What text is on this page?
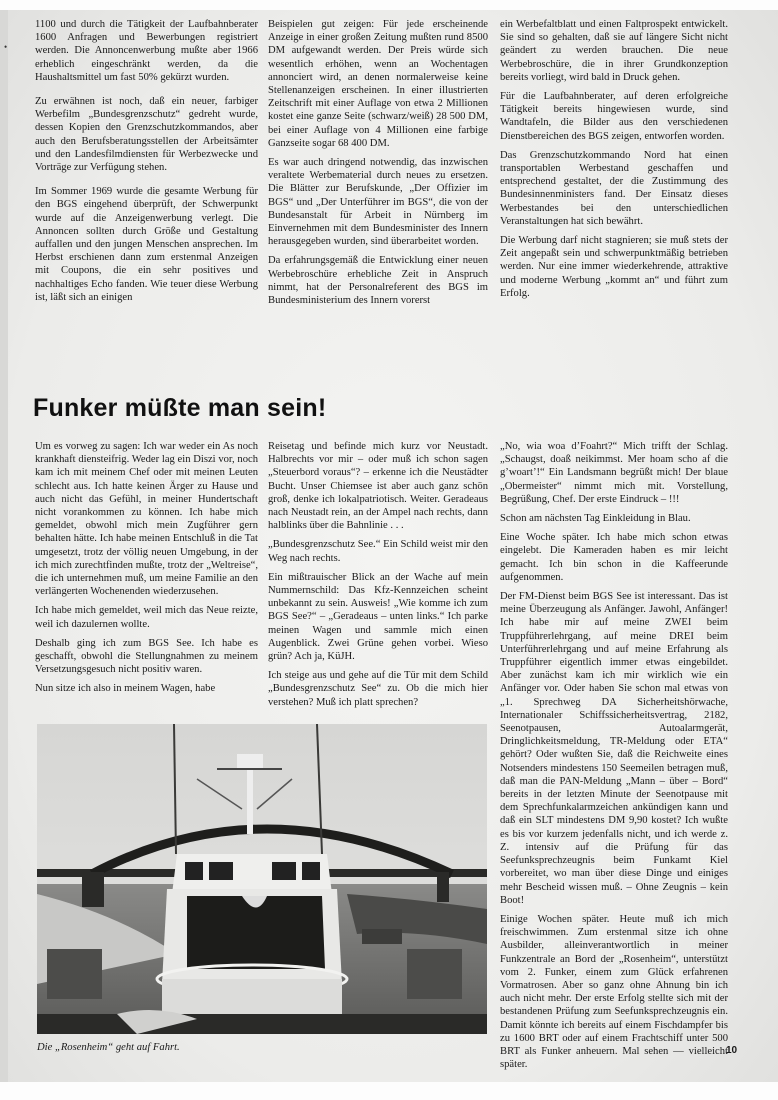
•

1100 und durch die Tätigkeit der Laufbahnberater 1600 Anfragen und Bewerbungen registriert werden. Die Annoncenwerbung mußte aber 1966 erheblich eingeschränkt werden, da die Haushaltsmittel um fast 50% gekürzt wurden.

Zu erwähnen ist noch, daß ein neuer, farbiger Werbefilm „Bundesgrenzschutz“ gedreht wurde, dessen Kopien den Grenzschutzkommandos, aber auch den Berufsberatungsstellen der Arbeitsämter und den Landesfilmdiensten für Werbezwecke und Vorträge zur Verfügung stehen.

Im Sommer 1969 wurde die gesamte Werbung für den BGS eingehend überprüft, der Schwerpunkt wurde auf die Anzeigenwerbung verlegt. Die Annoncen sollten durch Größe und Gestaltung auffallen und den jungen Menschen ansprechen. Im Herbst erschienen dann zum erstenmal Anzeigen mit Coupons, die ein sehr positives und nachhaltiges Echo fanden. Wie teuer diese Werbung ist, läßt sich an einigen

Beispielen gut zeigen: Für jede erscheinende Anzeige in einer großen Zeitung mußten rund 8500 DM aufgewandt werden. Der Preis würde sich wesentlich erhöhen, wenn an Wochentagen annonciert wird, an denen normalerweise keine Stellenanzeigen erscheinen. In einer illustrierten Zeitschrift mit einer Auflage von etwa 2 Millionen kostet eine ganze Seite (schwarz/weiß) 28 500 DM, bei einer Auflage von 4 Millionen eine farbige Ganzseite sogar 68 400 DM.

Es war auch dringend notwendig, das inzwischen veraltete Werbematerial durch neues zu ersetzen. Die Blätter zur Berufskunde, „Der Offizier im BGS“ und „Der Unterführer im BGS“, die von der Bundesanstalt für Arbeit in Nürnberg im Einvernehmen mit dem Bundesminister des Innern herausgegeben wurden, sind überarbeitet worden.

Da erfahrungsgemäß die Entwicklung einer neuen Werbebroschüre erhebliche Zeit in Anspruch nimmt, hat der Personalreferent des BGS im Bundesministerium des Innern vorerst

ein Werbefaltblatt und einen Faltprospekt entwickelt. Sie sind so gehalten, daß sie auf längere Sicht nicht geändert zu werden brauchen. Die neue Werbebroschüre, die in ihrer Grundkonzeption bereits vorliegt, wird bald in Druck gehen.

Für die Laufbahnberater, auf deren erfolgreiche Tätigkeit bereits hingewiesen wurde, sind Wandtafeln, die Bilder aus den verschiedenen Dienstbereichen des BGS zeigen, entworfen worden.

Das Grenzschutzkommando Nord hat einen transportablen Werbestand geschaffen und entsprechend gestaltet, der die Zustimmung des Bundesinnenministers fand. Der Einsatz dieses Werbestandes bei den unterschiedlichen Veranstaltungen hat sich bewährt.

Die Werbung darf nicht stagnieren; sie muß stets der Zeit angepaßt sein und schwerpunktmäßig betrieben werden. Nur eine immer wiederkehrende, attraktive und moderne Werbung „kommt an“ und führt zum Erfolg.

Funker müßte man sein!

Um es vorweg zu sagen: Ich war weder ein As noch krankhaft diensteifrig. Weder lag ein Diszi vor, noch kam ich mit meinem Chef oder mit meinen Leuten schlecht aus. Ich hatte keinen Ärger zu Hause und auch nicht das Gefühl, in meiner Hundertschaft nicht vorankommen zu können. Ich habe mich gemeldet, obwohl mich mein Zugführer gern behalten hätte. Ich habe meinen Entschluß in die Tat umgesetzt, trotz der völlig neuen Umgebung, in der ich mich zurechtfinden mußte, trotz der „Weltreise“, die ich unternehmen muß, um meine Familie an den verlängerten Wochenenden wiederzusehen.

Ich habe mich gemeldet, weil mich das Neue reizte, weil ich dazulernen wollte.

Deshalb ging ich zum BGS See. Ich habe es geschafft, obwohl die Stellungnahmen zu meinem Versetzungsgesuch nicht positiv waren.

Nun sitze ich also in meinem Wagen, habe

Reisetag und befinde mich kurz vor Neustadt. Halbrechts vor mir – oder muß ich schon sagen „Steuerbord voraus“? – erkenne ich die Neustädter Bucht. Unser Chiemsee ist aber auch ganz schön groß, denke ich lokalpatriotisch. Weiter. Geradeaus nach Neustadt rein, an der Ampel nach rechts, dann halblinks über die Bahnlinie . . .

„Bundesgrenzschutz See.“ Ein Schild weist mir den Weg nach rechts.

Ein mißtrauischer Blick an der Wache auf mein Nummernschild: Das Kfz-Kennzeichen scheint unbekannt zu sein. Ausweis! „Wie komme ich zum BGS See?“ – „Geradeaus – unten links.“ Ich parke meinen Wagen und sammle mich einen Augenblick. Zwei Grüne gehen vorbei. Wieso grün? Ach ja, KüJH.

Ich steige aus und gehe auf die Tür mit dem Schild „Bundesgrenzschutz See“ zu. Ob die mich hier verstehen? Muß ich platt sprechen?

„No, wia woa d’Foahrt?“ Mich trifft der Schlag. „Schaugst, doaß neikimmst. Mer hoam scho af die g’woart’!“ Ein Landsmann begrüßt mich! Der blaue „Obermeister“ nimmt mich mit. Vorstellung, Begrüßung, Chef. Der erste Eindruck – !!!

Schon am nächsten Tag Einkleidung in Blau.

Eine Woche später. Ich habe mich schon etwas eingelebt. Die Kameraden haben es mir leicht gemacht. Ich bin schon in die Kaffeerunde aufgenommen.

Der FM-Dienst beim BGS See ist interessant. Das ist meine Überzeugung als Anfänger. Jawohl, Anfänger! Ich habe mir auf meine ZWEI beim Truppführerlehrgang, auf meine DREI beim Unterführerlehrgang und auf meine Erfahrung als Truppführer eigentlich immer etwas eingebildet. Aber zunächst kam ich mir wirklich wie ein Anfänger vor. Oder haben Sie schon mal etwas von „1. Sprechweg DA Sicherheitshörwache, Internationaler Schiffssicherheitsvertrag, 2182, Seenotpausen, Autoalarmgerät, Dringlichkeitsmeldung, TR-Meldung oder ETA“ gehört? Oder wußten Sie, daß die Reichweite eines Notsenders mindestens 150 Seemeilen betragen muß, daß man die PAN-Meldung „Mann – über – Bord“ bereits in der letzten Minute der Seenotpause mit dem Sprechfunkalarmzeichen ankündigen kann und daß ein SLT mindestens DM 9,90 kostet? Ich wußte es bis vor kurzem jedenfalls nicht, und ich werde z. Z. intensiv auf die Prüfung für das Seefunksprechzeugnis beim Funkamt Kiel vorbereitet, wo man über diese Dinge und einiges mehr Bescheid wissen muß. – Ohne Zeugnis – kein Boot!

Einige Wochen später. Heute muß ich mich freischwimmen. Zum erstenmal sitze ich ohne Ausbilder, alleinverantwortlich in meiner Funkzentrale an Bord der „Rosenheim“, unterstützt vom 2. Funker, einem zum Glück erfahrenen Vormatrosen. Aber so ganz ohne Ahnung bin ich auch nicht mehr. Der erste Erfolg stellte sich mit der bestandenen Prüfung zum Seefunksprechzeugnis ein. Damit könnte ich bereits auf einem Fischdampfer bis zu 1600 BRT oder auf einem Frachtschiff unter 500 BRT als Funker anheuern. Mal sehen — vielleicht später.

Die „Rosenheim“ geht auf Fahrt.	10
